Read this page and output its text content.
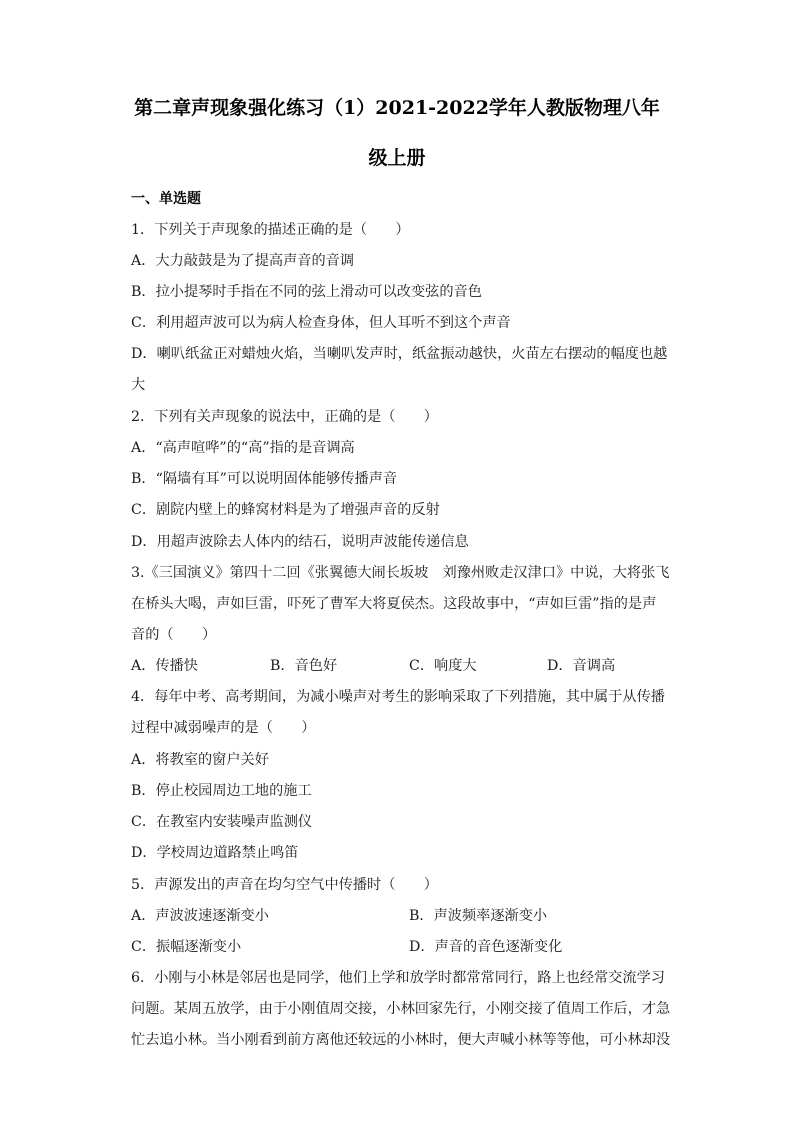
第二章声现象强化练习（1）2021-2022学年人教版物理八年
级上册
一、单选题
1．下列关于声现象的描述正确的是（　　）
A．大力敲鼓是为了提高声音的音调
B．拉小提琴时手指在不同的弦上滑动可以改变弦的音色
C．利用超声波可以为病人检查身体，但人耳听不到这个声音
D．喇叭纸盆正对蜡烛火焰，当喇叭发声时，纸盆振动越快，火苗左右摆动的幅度也越
大
2．下列有关声现象的说法中，正确的是（　　）
A．“高声喧哗”的“高”指的是音调高
B．“隔墙有耳”可以说明固体能够传播声音
C．剧院内壁上的蜂窝材料是为了增强声音的反射
D．用超声波除去人体内的结石，说明声波能传递信息
3.《三国演义》第四十二回《张翼德大闹长坂坡　刘豫州败走汉津口》中说，大将张飞
在桥头大喝，声如巨雷，吓死了曹军大将夏侯杰。这段故事中，“声如巨雷”指的是声
音的（　　）
A．传播快	B．音色好	C．响度大	D．音调高
4．每年中考、高考期间，为减小噪声对考生的影响采取了下列措施，其中属于从传播
过程中减弱噪声的是（　　）
A．将教室的窗户关好
B．停止校园周边工地的施工
C．在教室内安装噪声监测仪
D．学校周边道路禁止鸣笛
5．声源发出的声音在均匀空气中传播时（　　）
A．声波波速逐渐变小	B．声波频率逐渐变小
C．振幅逐渐变小	D．声音的音色逐渐变化
6．小刚与小林是邻居也是同学，他们上学和放学时都常常同行，路上也经常交流学习
问题。某周五放学，由于小刚值周交接，小林回家先行，小刚交接了值周工作后，才急
忙去追小林。当小刚看到前方离他还较远的小林时，便大声喊小林等等他，可小林却没
